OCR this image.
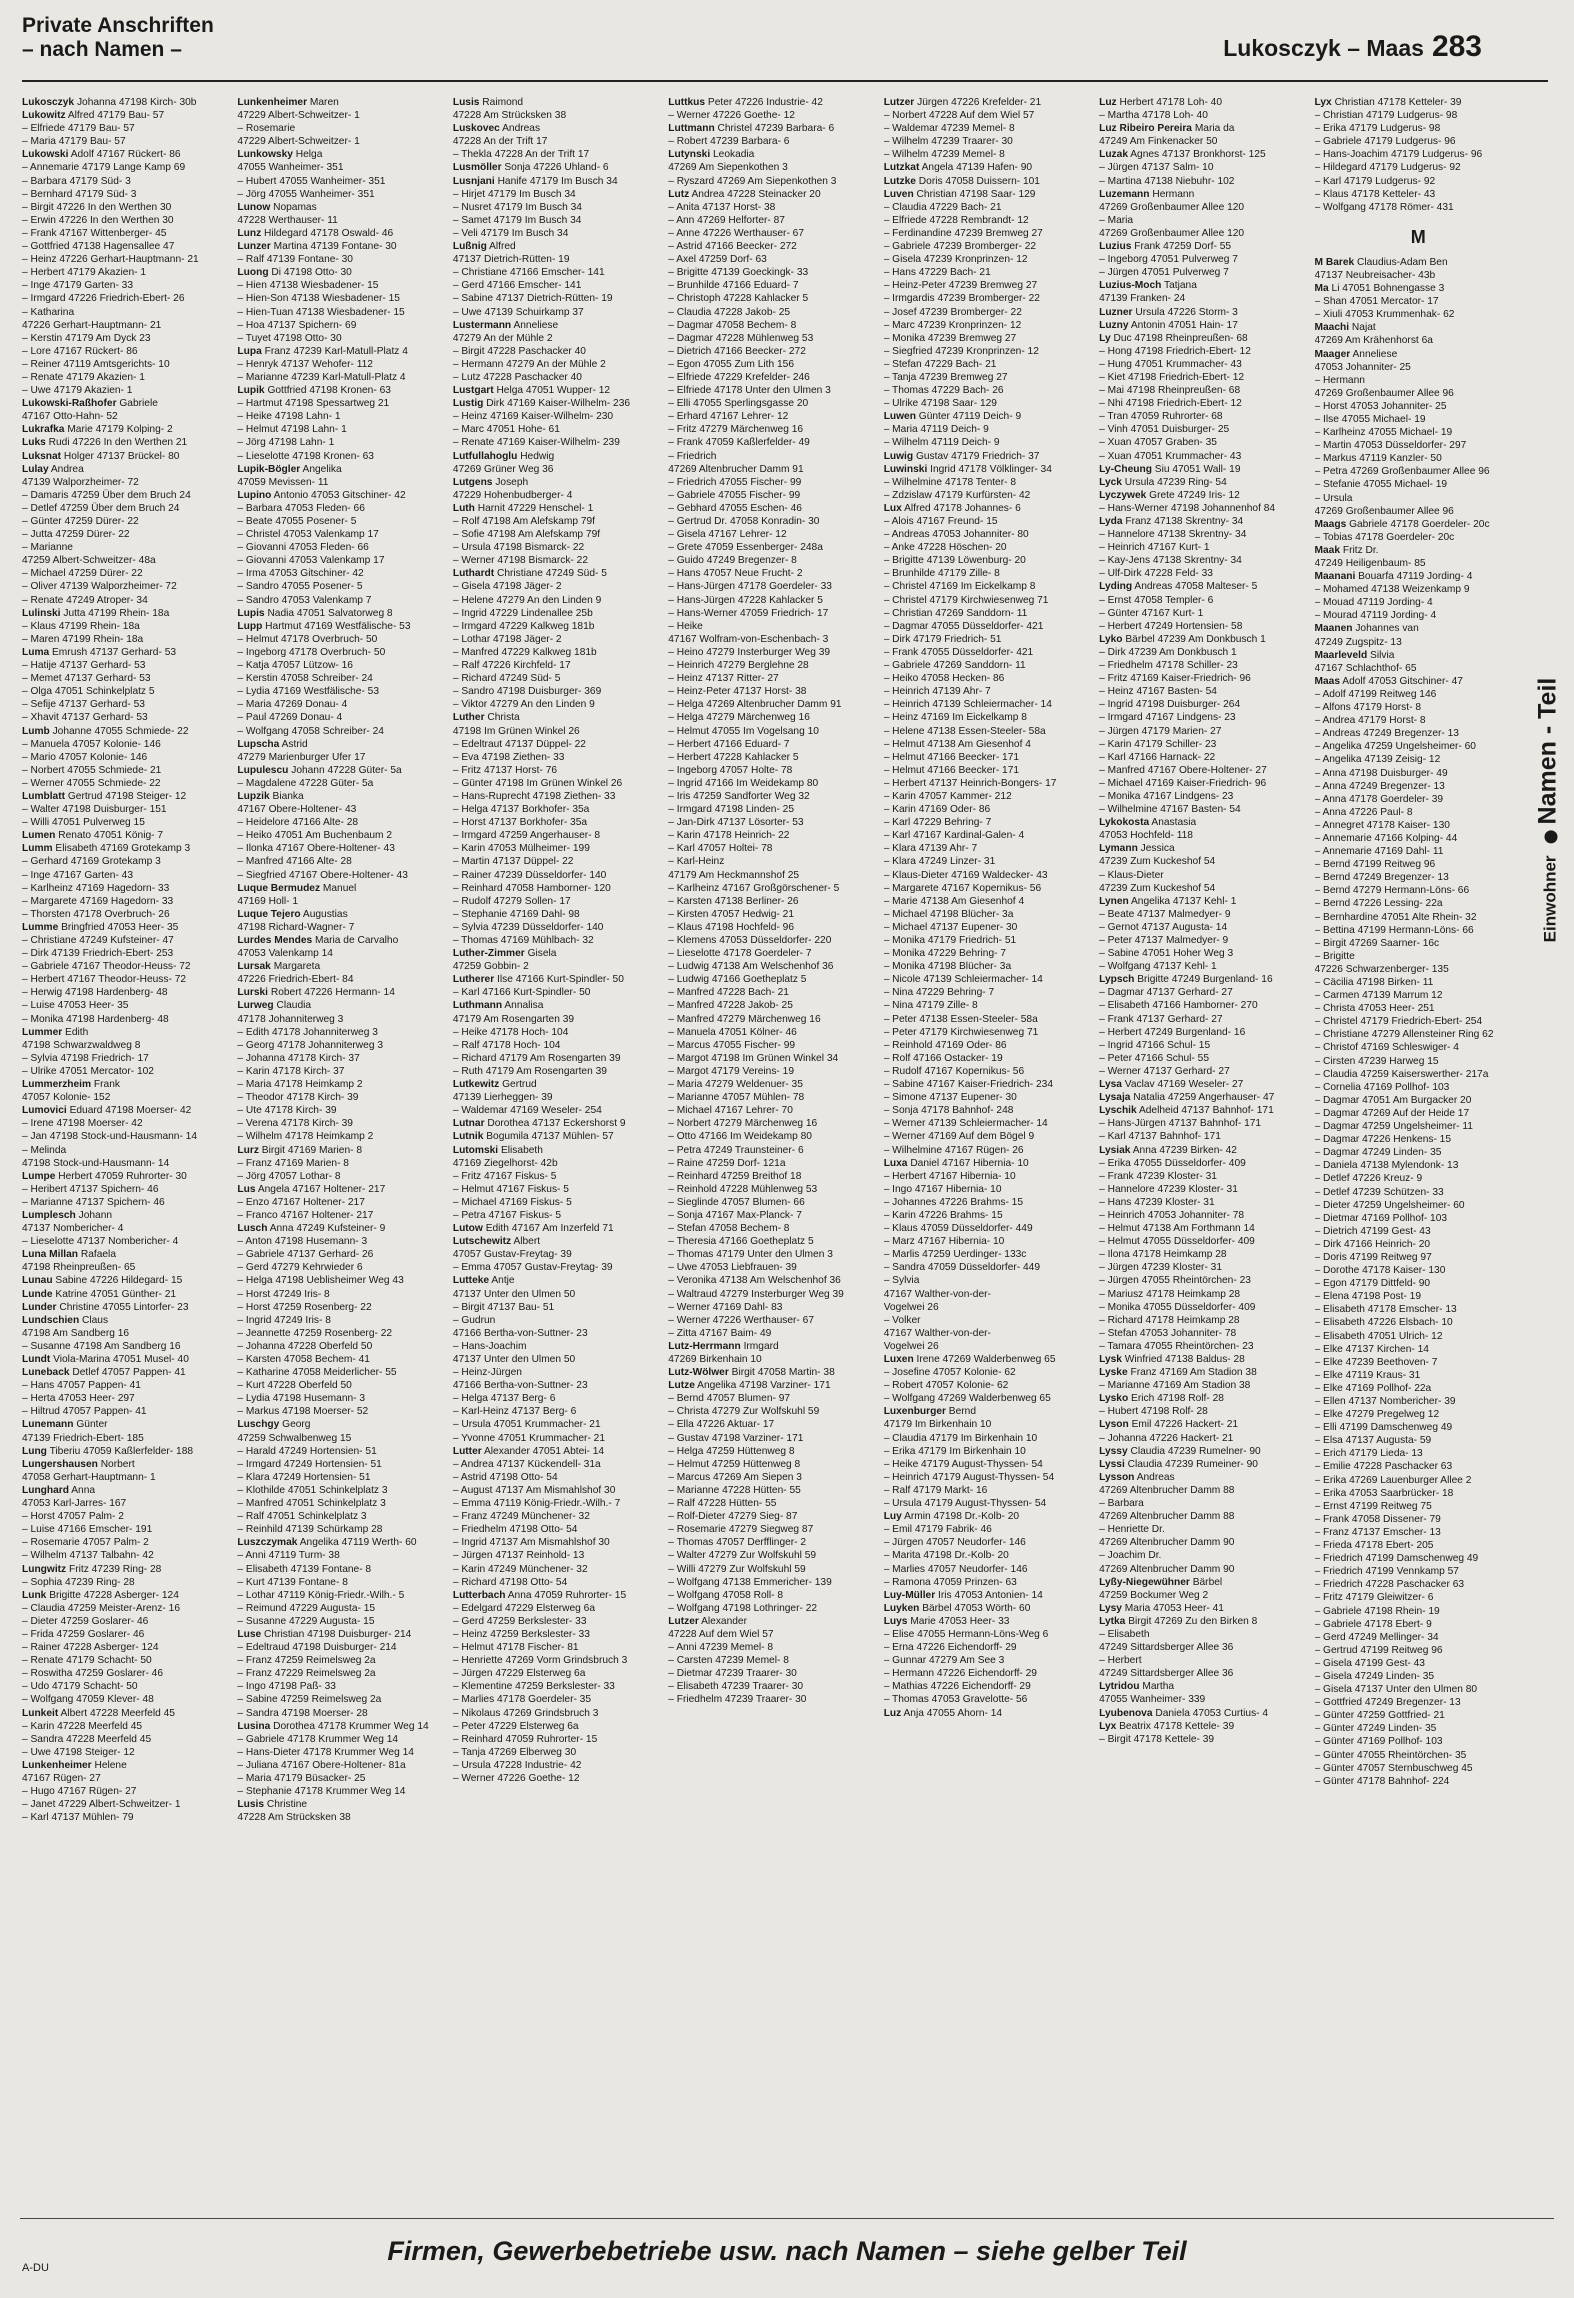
Private Anschriften
– nach Namen –	Lukosczyk – Maas 283
Lukosczyk Johanna 47198 Kirch- 30b
Lukowitz Alfred 47179 Bau- 57
– Elfriede 47179 Bau- 57
– Maria 47179 Bau- 57
Lukowski Adolf 47167 Rückert- 86
– Annemarie 47179 Lange Kamp 69
– Barbara 47179 Süd- 3
– Bernhard 47179 Süd- 3
– Birgit 47226 In den Werthen 30
– Erwin 47226 In den Werthen 30
– Frank 47167 Wittenberger- 45
– Gottfried 47138 Hagensallee 47
– Heinz 47226 Gerhart-Hauptmann- 21
– Herbert 47179 Akazien- 1
– Inge 47179 Garten- 33
– Irmgard 47226 Friedrich-Ebert- 26
– Katharina
47226 Gerhart-Hauptmann- 21
– Kerstin 47179 Am Dyck 23
– Lore 47167 Rückert- 86
– Reiner 47119 Amtsgerichts- 10
– Renate 47179 Akazien- 1
– Uwe 47179 Akazien- 1
Lukowski-Raßhofer Gabriele
47167 Otto-Hahn- 52
Lukrafka Marie 47179 Kolping- 2
Luks Rudi 47226 In den Werthen 21
Luksnat Holger 47137 Brückel- 80
Lulay Andrea
47139 Walporzheimer- 72
– Damaris 47259 Über dem Bruch 24
– Detlef 47259 Über dem Bruch 24
– Günter 47259 Dürer- 22
– Jutta 47259 Dürer- 22
– Marianne
47259 Albert-Schweitzer- 48a
– Michael 47259 Dürer- 22
– Oliver 47139 Walporzheimer- 72
– Renate 47249 Atroper- 34
Lulinski Jutta 47199 Rhein- 18a
– Klaus 47199 Rhein- 18a
– Maren 47199 Rhein- 18a
Luma Emrush 47137 Gerhard- 53
– Hatije 47137 Gerhard- 53
– Memet 47137 Gerhard- 53
– Olga 47051 Schinkelplatz 5
– Sefije 47137 Gerhard- 53
– Xhavit 47137 Gerhard- 53
Lumb Johanne 47055 Schmiede- 22
– Manuela 47057 Kolonie- 146
– Mario 47057 Kolonie- 146
– Norbert 47055 Schmiede- 21
– Werner 47055 Schmiede- 22
Lumblatt Gertrud 47198 Steiger- 12
– Walter 47198 Duisburger- 151
– Willi 47051 Pulverweg 15
Lumen Renato 47051 König- 7
Lumm Elisabeth 47169 Grotekamp 3
– Gerhard 47169 Grotekamp 3
– Inge 47167 Garten- 43
– Karlheinz 47169 Hagedorn- 33
– Margarete 47169 Hagedorn- 33
– Thorsten 47178 Overbruch- 26
Lumme Bringfried 47053 Heer- 35
– Christiane 47249 Kufsteiner- 47
– Dirk 47139 Friedrich-Ebert- 253
– Gabriele 47167 Theodor-Heuss- 72
– Herbert 47167 Theodor-Heuss- 72
– Herwig 47198 Hardenberg- 48
– Luise 47053 Heer- 35
– Monika 47198 Hardenberg- 48
Lummer Edith
47198 Schwarzwaldweg 8
– Sylvia 47198 Friedrich- 17
– Ulrike 47051 Mercator- 102
Lummerzheim Frank
47057 Kolonie- 152
Lumovici Eduard 47198 Moerser- 42
– Irene 47198 Moerser- 42
– Jan 47198 Stock-und-Hausmann- 14
– Melinda
47198 Stock-und-Hausmann- 14
Lumpe Herbert 47059 Ruhrorter- 30
– Heribert 47137 Spichern- 46
– Marianne 47137 Spichern- 46
Lumplesch Johann
47137 Nombericher- 4
– Lieselotte 47137 Nombericher- 4
Luna Millan Rafaela
47198 Rheinpreußen- 65
Lunau Sabine 47226 Hildegard- 15
Lunde Katrine 47051 Günther- 21
Lunder Christine 47055 Lintorfer- 23
Lundschien Claus
47198 Am Sandberg 16
– Susanne 47198 Am Sandberg 16
Lundt Viola-Marina 47051 Musel- 40
Luneback Detlef 47057 Pappen- 41
– Hans 47057 Pappen- 41
– Herta 47053 Heer- 297
– Hiltrud 47057 Pappen- 41
Lunemann Günter
47139 Friedrich-Ebert- 185
Lung Tiberiu 47059 Kaßlerfelder- 188
Lungershausen Norbert
47058 Gerhart-Hauptmann- 1
Lunghard Anna
47053 Karl-Jarres- 167
– Horst 47057 Palm- 2
– Luise 47166 Emscher- 191
– Rosemarie 47057 Palm- 2
– Wilhelm 47137 Talbahn- 42
Lungwitz Fritz 47239 Ring- 28
– Sophia 47239 Ring- 28
Lunk Brigitte 47228 Asberger- 124
– Claudia 47259 Meister-Arenz- 16
– Dieter 47259 Goslarer- 46
– Frida 47259 Goslarer- 46
– Rainer 47228 Asberger- 124
– Renate 47179 Schacht- 50
– Roswitha 47259 Goslarer- 46
– Udo 47179 Schacht- 50
– Wolfgang 47059 Klever- 48
Lunkeit Albert 47228 Meerfeld 45
– Karin 47228 Meerfeld 45
– Sandra 47228 Meerfeld 45
– Uwe 47198 Steiger- 12
Lunkenheimer Helene
47167 Rügen- 27
– Hugo 47167 Rügen- 27
– Janet 47229 Albert-Schweitzer- 1
– Karl 47137 Mühlen- 79
Lunkenheimer Maren
47229 Albert-Schweitzer- 1
– Rosemarie
47229 Albert-Schweitzer- 1
Lunkowsky Helga
47055 Wanheimer- 351
– Hubert 47055 Wanheimer- 351
– Jörg 47055 Wanheimer- 351
Lunow Nopamas
47228 Werthauser- 11
Lunz Hildegard 47178 Oswald- 46
Lunzer Martina 47139 Fontane- 30
– Ralf 47139 Fontane- 30
Luong Di 47198 Otto- 30
– Hien 47138 Wiesbadener- 15
– Hien-Son 47138 Wiesbadener- 15
– Hien-Tuan 47138 Wiesbadener- 15
– Hoa 47137 Spichern- 69
– Tuyet 47198 Otto- 30
Lupa Franz 47239 Karl-Matull-Platz 4
– Henryk 47137 Wehofer- 112
– Marianne 47239 Karl-Matull-Platz 4
Lupik Gottfried 47198 Kronen- 63
– Hartmut 47198 Spessartweg 21
– Heike 47198 Lahn- 1
– Helmut 47198 Lahn- 1
– Jörg 47198 Lahn- 1
– Lieselotte 47198 Kronen- 63
Lupik-Bögler Angelika
47059 Mevissen- 11
Lupino Antonio 47053 Gitschiner- 42
– Barbara 47053 Fleden- 66
– Beate 47055 Posener- 5
– Christel 47053 Valenkamp 17
– Giovanni 47053 Fleden- 66
– Giovanni 47053 Valenkamp 17
– Irma 47053 Gitschiner- 42
– Sandro 47055 Posener- 5
– Sandro 47053 Valenkamp 7
Lupis Nadia 47051 Salvatorweg 8
Lupp Hartmut 47169 Westfälische- 53
– Helmut 47178 Overbruch- 50
– Ingeborg 47178 Overbruch- 50
– Katja 47057 Lützow- 16
– Kerstin 47058 Schreiber- 24
– Lydia 47169 Westfälische- 53
– Maria 47269 Donau- 4
– Paul 47269 Donau- 4
– Wolfgang 47058 Schreiber- 24
Lupscha Astrid
47279 Marienburger Ufer 17
Lupulescu Johann 47228 Güter- 5a
– Magdalene 47228 Güter- 5a
Lupzik Bianka
47167 Obere-Holtener- 43
– Heidelore 47166 Alte- 28
– Heiko 47051 Am Buchenbaum 2
– Ilonka 47167 Obere-Holtener- 43
– Manfred 47166 Alte- 28
– Siegfried 47167 Obere-Holtener- 43
Luque Bermudez Manuel
47169 Holl- 1
Luque Tejero Augustias
47198 Richard-Wagner- 7
Lurdes Mendes Maria de Carvalho
47053 Valenkamp 14
Lursak Margareta
47226 Friedrich-Ebert- 84
Lurski Robert 47226 Hermann- 14
Lurweg Claudia
47178 Johanniterweg 3
– Edith 47178 Johanniterweg 3
– Georg 47178 Johanniterweg 3
– Johanna 47178 Kirch- 37
– Karin 47178 Kirch- 37
– Maria 47178 Heimkamp 2
– Theodor 47178 Kirch- 39
– Ute 47178 Kirch- 39
– Verena 47178 Kirch- 39
– Wilhelm 47178 Heimkamp 2
Lurz Birgit 47169 Marien- 8
– Franz 47169 Marien- 8
– Jörg 47057 Lothar- 8
Lus Angela 47167 Holtener- 217
– Enzo 47167 Holtener- 217
– Franco 47167 Holtener- 217
Lusch Anna 47249 Kufsteiner- 9
– Anton 47198 Husemann- 3
– Gabriele 47137 Gerhard- 26
– Gerd 47279 Kehrwieder 6
– Helga 47198 Ueblisheimer Weg 43
– Horst 47249 Iris- 8
– Horst 47259 Rosenberg- 22
– Ingrid 47249 Iris- 8
– Jeannette 47259 Rosenberg- 22
– Johanna 47228 Oberfeld 50
– Karsten 47058 Bechem- 41
– Katharine 47058 Meiderlicher- 55
– Kurt 47228 Oberfeld 50
– Lydia 47198 Husemann- 3
– Markus 47198 Moerser- 52
Luschgy Georg
47259 Schwalbenweg 15
– Harald 47249 Hortensien- 51
– Irmgard 47249 Hortensien- 51
– Klara 47249 Hortensien- 51
– Klothilde 47051 Schinkelplatz 3
– Manfred 47051 Schinkelplatz 3
– Ralf 47051 Schinkelplatz 3
– Reinhild 47139 Schürkamp 28
Luszczymak Angelika 47119 Werth- 60
– Anni 47119 Turm- 38
– Elisabeth 47139 Fontane- 8
– Kurt 47139 Fontane- 8
– Lothar 47119 König-Friedr.-Wilh.- 5
– Reimund 47229 Augusta- 15
– Susanne 47229 Augusta- 15
Luse Christian 47198 Duisburger- 214
– Edeltraud 47198 Duisburger- 214
– Franz 47259 Reimelsweg 2a
– Franz 47229 Reimelsweg 2a
– Ingo 47198 Paß- 33
– Sabine 47259 Reimelsweg 2a
– Sandra 47198 Moerser- 28
Lusina Dorothea 47178 Krummer Weg 14
– Gabriele 47178 Krummer Weg 14
– Hans-Dieter 47178 Krummer Weg 14
– Juliana 47167 Obere-Holtener- 81a
– Maria 47179 Büsacker- 25
– Stephanie 47178 Krummer Weg 14
Lusis Christine
47228 Am Strücksken 38
Lusis Raimond
47228 Am Strücksken 38
Luskovec Andreas
47228 An der Trift 17
– Thekla 47228 An der Trift 17
Lusmöller Sonja 47226 Uhland- 6
Lusnjani Hanife 47179 Im Busch 34
– Hirjet 47179 Im Busch 34
– Nusret 47179 Im Busch 34
– Samet 47179 Im Busch 34
– Veli 47179 Im Busch 34
Lußnig Alfred
47137 Dietrich-Rütten- 19
– Christiane 47166 Emscher- 141
– Gerd 47166 Emscher- 141
– Sabine 47137 Dietrich-Rütten- 19
– Uwe 47139 Schuirkamp 37
Lustermann Anneliese
47279 An der Mühle 2
– Birgit 47228 Paschacker 40
– Hermann 47279 An der Mühle 2
– Lutz 47228 Paschacker 40
Lustgart Helga 47051 Wupper- 12
Lustig Dirk 47169 Kaiser-Wilhelm- 236
– Heinz 47169 Kaiser-Wilhelm- 230
– Marc 47051 Hohe- 61
– Renate 47169 Kaiser-Wilhelm- 239
Lutfullahoglu Hedwig
47269 Grüner Weg 36
Lutgens Joseph
47229 Hohenbudberger- 4
Luth Harnit 47229 Henschel- 1
– Rolf 47198 Am Alefskamp 79f
– Sofie 47198 Am Alefskamp 79f
– Ursula 47198 Bismarck- 22
– Werner 47198 Bismarck- 22
Luthardt Christiane 47249 Süd- 5
– Gisela 47198 Jäger- 2
– Helene 47279 An den Linden 9
– Ingrid 47229 Lindenallee 25b
– Irmgard 47229 Kalkweg 181b
– Lothar 47198 Jäger- 2
– Manfred 47229 Kalkweg 181b
– Ralf 47226 Kirchfeld- 17
– Richard 47249 Süd- 5
– Sandro 47198 Duisburger- 369
– Viktor 47279 An den Linden 9
Luther Christa
47198 Im Grünen Winkel 26
– Edeltraut 47137 Düppel- 22
– Eva 47198 Ziethen- 33
– Fritz 47137 Horst- 76
– Günter 47198 Im Grünen Winkel 26
– Hans-Ruprecht 47198 Ziethen- 33
– Helga 47137 Borkhofer- 35a
– Horst 47137 Borkhofer- 35a
– Irmgard 47259 Angerhauser- 8
– Karin 47053 Mülheimer- 199
– Martin 47137 Düppel- 22
– Rainer 47239 Düsseldorfer- 140
– Reinhard 47058 Hamborner- 120
– Rudolf 47279 Sollen- 17
– Stephanie 47169 Dahl- 98
– Sylvia 47239 Düsseldorfer- 140
– Thomas 47169 Mühlbach- 32
Luther-Zimmer Gisela
47259 Gobbin- 2
Lutherer Ilse 47166 Kurt-Spindler- 50
– Karl 47166 Kurt-Spindler- 50
Luthmann Annalisa
47179 Am Rosengarten 39
– Heike 47178 Hoch- 104
– Ralf 47178 Hoch- 104
– Richard 47179 Am Rosengarten 39
– Ruth 47179 Am Rosengarten 39
Lutkewitz Gertrud
47139 Lierheggen- 39
– Waldemar 47169 Weseler- 254
Lutnar Dorothea 47137 Eckershorst 9
Lutnik Bogumila 47137 Mühlen- 57
Lutomski Elisabeth
47169 Ziegelhorst- 42b
– Fritz 47167 Fiskus- 5
– Helmut 47167 Fiskus- 5
– Michael 47169 Fiskus- 5
– Petra 47167 Fiskus- 5
Lutow Edith 47167 Am Inzerfeld 71
Lutschewitz Albert
47057 Gustav-Freytag- 39
– Emma 47057 Gustav-Freytag- 39
Lutteke Antje
47137 Unter den Ulmen 50
– Birgit 47137 Bau- 51
– Gudrun
47166 Bertha-von-Suttner- 23
– Hans-Joachim
47137 Unter den Ulmen 50
– Heinz-Jürgen
47166 Bertha-von-Suttner- 23
– Helga 47137 Berg- 6
– Karl-Heinz 47137 Berg- 6
– Ursula 47051 Krummacher- 21
– Yvonne 47051 Krummacher- 21
Lutter Alexander 47051 Abtei- 14
– Andrea 47137 Kückendell- 31a
– Astrid 47198 Otto- 54
– August 47137 Am Mismahlshof 30
– Emma 47119 König-Friedr.-Wilh.- 7
– Franz 47249 Münchener- 32
– Friedhelm 47198 Otto- 54
– Ingrid 47137 Am Mismahlshof 30
– Jürgen 47137 Reinhold- 13
– Karin 47249 Münchener- 32
– Richard 47198 Otto- 54
Lutterbach Anna 47059 Ruhrorter- 15
– Edelgard 47229 Elsterweg 6a
– Gerd 47259 Berkslester- 33
– Heinz 47259 Berkslester- 33
– Helmut 47178 Fischer- 81
– Henriette 47269 Vorm Grindsbruch 3
– Jürgen 47229 Elsterweg 6a
– Klementine 47259 Berkslester- 33
– Marlies 47178 Goerdeler- 35
– Nikolaus 47269 Grindsbruch 3
– Peter 47229 Elsterweg 6a
– Reinhard 47059 Ruhrorter- 15
– Tanja 47269 Elberweg 30
– Ursula 47228 Industrie- 42
– Werner 47226 Goethe- 12
Luttkus Peter 47226 Industrie- 42
– Werner 47226 Goethe- 12
Luttmann Christel 47239 Barbara- 6
– Robert 47239 Barbara- 6
Lutynski Leokadia
47269 Am Siepenkothen 3
– Ryszard 47269 Am Siepenkothen 3
Lutz Andrea 47228 Steinacker 20
– Anita 47137 Horst- 38
– Ann 47269 Helforter- 87
– Anne 47226 Werthauser- 67
– Astrid 47166 Beecker- 272
– Axel 47259 Dorf- 63
– Brigitte 47139 Goeckingk- 33
– Brunhilde 47166 Eduard- 7
– Christoph 47228 Kahlacker 5
– Claudia 47228 Jakob- 25
– Dagmar 47058 Bechem- 8
– Dagmar 47228 Mühlenweg 53
– Dietrich 47166 Beecker- 272
– Egon 47055 Zum Lith 156
– Elfriede 47229 Krefelder- 246
– Elfriede 47178 Unter den Ulmen 3
– Elli 47055 Sperlingsgasse 20
– Erhard 47167 Lehrer- 12
– Fritz 47279 Märchenweg 16
– Frank 47059 Kaßlerfelder- 49
– Friedrich
47269 Altenbrucher Damm 91
– Friedrich 47055 Fischer- 99
– Gabriele 47055 Fischer- 99
– Gebhard 47055 Eschen- 46
– Gertrud Dr. 47058 Konradin- 30
– Gisela 47167 Lehrer- 12
– Grete 47059 Essenberger- 248a
– Guido 47249 Bregenzer- 8
– Hans 47057 Neue Frucht- 2
– Hans-Jürgen 47178 Goerdeler- 33
– Hans-Jürgen 47228 Kahlacker 5
– Hans-Werner 47059 Friedrich- 17
– Heike
47167 Wolfram-von-Eschenbach- 3
– Heino 47279 Insterburger Weg 39
– Heinrich 47279 Berglehne 28
– Heinz 47137 Ritter- 27
– Heinz-Peter 47137 Horst- 38
– Helga 47269 Altenbrucher Damm 91
– Helga 47279 Märchenweg 16
– Helmut 47055 Im Vogelsang 10
– Herbert 47166 Eduard- 7
– Herbert 47228 Kahlacker 5
– Ingeborg 47057 Holte- 78
– Ingrid 47166 Im Weidekamp 80
– Iris 47259 Sandforter Weg 32
– Irmgard 47198 Linden- 25
– Jan-Dirk 47137 Lösorter- 53
– Karin 47178 Heinrich- 22
– Karl 47057 Holtei- 78
– Karl-Heinz
47179 Am Heckmannshof 25
– Karlheinz 47167 Großgörschener- 5
– Karsten 47138 Berliner- 26
– Kirsten 47057 Hedwig- 21
– Klaus 47198 Hochfeld- 96
– Klemens 47053 Düsseldorfer- 220
– Lieselotte 47178 Goerdeler- 7
– Ludwig 47138 Am Welschenhof 36
– Ludwig 47166 Goetheplatz 5
– Manfred 47228 Bach- 21
– Manfred 47228 Jakob- 25
– Manfred 47279 Märchenweg 16
– Manuela 47051 Kölner- 46
– Marcus 47055 Fischer- 99
– Margot 47198 Im Grünen Winkel 34
– Margot 47179 Vereins- 19
– Maria 47279 Weldenuer- 35
– Marianne 47057 Mühlen- 78
– Michael 47167 Lehrer- 70
– Norbert 47279 Märchenweg 16
– Otto 47166 Im Weidekamp 80
– Petra 47249 Traunsteiner- 6
– Raine 47259 Dorf- 121a
– Reinhard 47259 Breithof 18
– Reinhold 47228 Mühlenweg 53
– Sieglinde 47057 Blumen- 66
– Sonja 47167 Max-Planck- 7
– Stefan 47058 Bechem- 8
– Theresia 47166 Goetheplatz 5
– Thomas 47179 Unter den Ulmen 3
– Uwe 47053 Liebfrauen- 39
– Veronika 47138 Am Welschenhof 36
– Waltraud 47279 Insterburger Weg 39
– Werner 47169 Dahl- 83
– Werner 47226 Werthauser- 67
– Zitta 47167 Baim- 49
Lutz-Herrmann Irmgard
47269 Birkenhain 10
Lutz-Wölwer Birgit 47058 Martin- 38
Lutze Angelika 47198 Varziner- 171
– Bernd 47057 Blumen- 97
– Christa 47279 Zur Wolfskuhl 59
– Ella 47226 Aktuar- 17
– Gustav 47198 Varziner- 171
– Helga 47259 Hüttenweg 8
– Helmut 47259 Hüttenweg 8
– Marcus 47269 Am Siepen 3
– Marianne 47228 Hütten- 55
– Ralf 47228 Hütten- 55
– Rolf-Dieter 47279 Sieg- 87
– Rosemarie 47279 Siegweg 87
– Thomas 47057 Derfflinger- 2
– Walter 47279 Zur Wolfskuhl 59
– Willi 47279 Zur Wolfskuhl 59
– Wolfgang 47138 Emmericher- 139
– Wolfgang 47058 Roll- 8
– Wolfgang 47198 Lothringer- 22
Lutzer Alexander
47228 Auf dem Wiel 57
– Anni 47239 Memel- 8
– Carsten 47239 Memel- 8
– Dietmar 47239 Traarer- 30
– Elisabeth 47239 Traarer- 30
– Friedhelm 47239 Traarer- 30
Lutzer Jürgen 47226 Krefelder- 21
– Norbert 47228 Auf dem Wiel 57
– Waldemar 47239 Memel- 8
– Wilhelm 47239 Traarer- 30
– Wilhelm 47239 Memel- 8
Lutzkat Angela 47139 Hafen- 90
Lutzke Doris 47058 Duissern- 101
Luven Christian 47198 Saar- 129
– Claudia 47229 Bach- 21
– Elfriede 47228 Rembrandt- 12
– Ferdinandine 47239 Bremweg 27
– Gabriele 47239 Bromberger- 22
– Gisela 47239 Kronprinzen- 12
– Hans 47229 Bach- 21
– Heinz-Peter 47239 Bremweg 27
– Irmgardis 47239 Bromberger- 22
– Josef 47239 Bromberger- 22
– Marc 47239 Kronprinzen- 12
– Monika 47239 Bremweg 27
– Siegfried 47239 Kronprinzen- 12
– Stefan 47229 Bach- 21
– Tanja 47239 Bremweg 27
– Thomas 47229 Bach- 26
– Ulrike 47198 Saar- 129
Luwen Günter 47119 Deich- 9
– Maria 47119 Deich- 9
– Wilhelm 47119 Deich- 9
Luwig Gustav 47179 Friedrich- 37
Luwinski Ingrid 47178 Völklinger- 34
– Wilhelmine 47178 Tenter- 8
– Zdzislaw 47179 Kurfürsten- 42
Lux Alfred 47178 Johannes- 6
– Alois 47167 Freund- 15
– Andreas 47053 Johanniter- 80
– Anke 47228 Höschen- 20
– Brigitte 47139 Löwenburg- 20
– Brunhilde 47179 Zille- 8
– Christel 47169 Im Eickelkamp 8
– Christel 47179 Kirchwiesenweg 71
– Christian 47269 Sanddorn- 11
– Dagmar 47055 Düsseldorfer- 421
– Dirk 47179 Friedrich- 51
– Frank 47055 Düsseldorfer- 421
– Gabriele 47269 Sanddorn- 11
– Heiko 47058 Hecken- 86
– Heinrich 47139 Ahr- 7
– Heinrich 47139 Schleiermacher- 14
– Heinz 47169 Im Eickelkamp 8
– Helene 47138 Essen-Steeler- 58a
– Helmut 47138 Am Giesenhof 4
– Helmut 47166 Beecker- 171
– Helmut 47166 Beecker- 171
– Herbert 47137 Heinrich-Bongers- 17
– Karin 47057 Kammer- 212
– Karin 47169 Oder- 86
– Karl 47229 Behring- 7
– Karl 47167 Kardinal-Galen- 4
– Klara 47139 Ahr- 7
– Klara 47249 Linzer- 31
– Klaus-Dieter 47169 Waldecker- 43
– Margarete 47167 Kopernikus- 56
– Marie 47138 Am Giesenhof 4
– Michael 47198 Blücher- 3a
– Michael 47137 Eupener- 30
– Monika 47179 Friedrich- 51
– Monika 47229 Behring- 7
– Monika 47198 Blücher- 3a
– Nicole 47139 Schleiermacher- 14
– Nina 47229 Behring- 7
– Nina 47179 Zille- 8
– Peter 47138 Essen-Steeler- 58a
– Peter 47179 Kirchwiesenweg 71
– Reinhold 47169 Oder- 86
– Rolf 47166 Ostacker- 19
– Rudolf 47167 Kopernikus- 56
– Sabine 47167 Kaiser-Friedrich- 234
– Simone 47137 Eupener- 30
– Sonja 47178 Bahnhof- 248
– Werner 47139 Schleiermacher- 14
– Werner 47169 Auf dem Bögel 9
– Wilhelmine 47167 Rügen- 26
Luxa Daniel 47167 Hibernia- 10
– Herbert 47167 Hibernia- 10
– Ingo 47167 Hibernia- 10
– Johannes 47226 Brahms- 15
– Karin 47226 Brahms- 15
– Klaus 47059 Düsseldorfer- 449
– Marz 47167 Hibernia- 10
– Marlis 47259 Uerdinger- 133c
– Sandra 47059 Düsseldorfer- 449
– Sylvia
47167 Walther-von-der-
Vogelwei 26
– Volker
47167 Walther-von-der-
Vogelwei 26
Luxen Irene 47269 Walderbenweg 65
– Josefine 47057 Kolonie- 62
– Robert 47057 Kolonie- 62
– Wolfgang 47269 Walderbenweg 65
Luxenburger Bernd
47179 Im Birkenhain 10
– Claudia 47179 Im Birkenhain 10
– Erika 47179 Im Birkenhain 10
– Heike 47179 August-Thyssen- 54
– Heinrich 47179 August-Thyssen- 54
– Ralf 47179 Markt- 16
– Ursula 47179 August-Thyssen- 54
Luy Armin 47198 Dr.-Kolb- 20
– Emil 47179 Fabrik- 46
– Jürgen 47057 Neudorfer- 146
– Marita 47198 Dr.-Kolb- 20
– Marlies 47057 Neudorfer- 146
– Ramona 47059 Prinzen- 63
Luy-Müller Iris 47053 Antonien- 14
Luyken Bärbel 47053 Wörth- 60
Luys Marie 47053 Heer- 33
– Elise 47055 Hermann-Löns-Weg 6
– Erna 47226 Eichendorff- 29
– Gunnar 47279 Am See 3
– Hermann 47226 Eichendorff- 29
– Mathias 47226 Eichendorff- 29
– Thomas 47053 Gravelotte- 56
Luz Anja 47055 Ahorn- 14
Luz Herbert 47178 Loh- 40
– Martha 47178 Loh- 40
Luz Ribeiro Pereira Maria da
47249 Am Finkenacker 50
Luzak Agnes 47137 Bronkhorst- 125
– Jürgen 47137 Salm- 10
– Martina 47138 Niebuhr- 102
Luzemann Hermann
47269 Großenbaumer Allee 120
– Maria
47269 Großenbaumer Allee 120
Luzius Frank 47259 Dorf- 55
– Ingeborg 47051 Pulverweg 7
– Jürgen 47051 Pulverweg 7
Luzius-Moch Tatjana
47139 Franken- 24
Luzner Ursula 47226 Storm- 3
Luzny Antonin 47051 Hain- 17
Ly Duc 47198 Rheinpreußen- 68
– Hong 47198 Friedrich-Ebert- 12
– Hung 47051 Krummacher- 43
– Kiet 47198 Friedrich-Ebert- 12
– Mai 47198 Rheinpreußen- 68
– Nhi 47198 Friedrich-Ebert- 12
– Tran 47059 Ruhrorter- 68
– Vinh 47051 Duisburger- 25
– Xuan 47057 Graben- 35
– Xuan 47051 Krummacher- 43
Ly-Cheung Siu 47051 Wall- 19
Lyck Ursula 47239 Ring- 54
Lyczywek Grete 47249 Iris- 12
– Hans-Werner 47198 Johannenhof 84
Lyda Franz 47138 Skrentny- 34
– Hannelore 47138 Skrentny- 34
– Heinrich 47167 Kurt- 1
– Kay-Jens 47138 Skrentny- 34
– Ulf-Dirk 47228 Feld- 33
Lyding Andreas 47058 Malteser- 5
– Ernst 47058 Templer- 6
– Günter 47167 Kurt- 1
– Herbert 47249 Hortensien- 58
Lyko Bärbel 47239 Am Donkbusch 1
– Dirk 47239 Am Donkbusch 1
– Friedhelm 47178 Schiller- 23
– Fritz 47169 Kaiser-Friedrich- 96
– Heinz 47167 Basten- 54
– Ingrid 47198 Duisburger- 264
– Irmgard 47167 Lindgens- 23
– Jürgen 47179 Marien- 27
– Karin 47179 Schiller- 23
– Karl 47166 Harnack- 22
– Manfred 47167 Obere-Holtener- 27
– Michael 47169 Kaiser-Friedrich- 96
– Monika 47167 Lindgens- 23
– Wilhelmine 47167 Basten- 54
Lykokosta Anastasia
47053 Hochfeld- 118
Lymann Jessica
47239 Zum Kuckeshof 54
– Klaus-Dieter
47239 Zum Kuckeshof 54
Lynen Angelika 47137 Kehl- 1
– Beate 47137 Malmedyer- 9
– Gernot 47137 Augusta- 14
– Peter 47137 Malmedyer- 9
– Sabine 47051 Hoher Weg 3
– Wolfgang 47137 Kehl- 1
Lypsch Brigitte 47249 Burgenland- 16
– Dagmar 47137 Gerhard- 27
– Elisabeth 47166 Hamborner- 270
– Frank 47137 Gerhard- 27
– Herbert 47249 Burgenland- 16
– Ingrid 47166 Schul- 15
– Peter 47166 Schul- 55
– Werner 47137 Gerhard- 27
Lysa Vaclav 47169 Weseler- 27
Lysaja Natalia 47259 Angerhauser- 47
Lyschik Adelheid 47137 Bahnhof- 171
– Hans-Jürgen 47137 Bahnhof- 171
– Karl 47137 Bahnhof- 171
Lysiak Anna 47239 Birken- 42
– Erika 47055 Düsseldorfer- 409
– Frank 47239 Kloster- 31
– Hannelore 47239 Kloster- 31
– Hans 47239 Kloster- 31
– Heinrich 47053 Johanniter- 78
– Helmut 47138 Am Forthmann 14
– Helmut 47055 Düsseldorfer- 409
– Ilona 47178 Heimkamp 28
– Jürgen 47239 Kloster- 31
– Jürgen 47055 Rheintörchen- 23
– Mariusz 47178 Heimkamp 28
– Monika 47055 Düsseldorfer- 409
– Richard 47178 Heimkamp 28
– Stefan 47053 Johanniter- 78
– Tamara 47055 Rheintörchen- 23
Lysk Winfried 47138 Baldus- 28
Lyske Franz 47169 Am Stadion 38
– Marianne 47169 Am Stadion 38
Lysko Erich 47198 Rolf- 28
– Hubert 47198 Rolf- 28
Lyson Emil 47226 Hackert- 21
– Johanna 47226 Hackert- 21
Lyssy Claudia 47239 Rumelner- 90
Lyssi Claudia 47239 Rumeiner- 90
Lysson Andreas
47269 Altenbrucher Damm 88
– Barbara
47269 Altenbrucher Damm 88
– Henriette Dr.
47269 Altenbrucher Damm 90
– Joachim Dr.
47269 Altenbrucher Damm 90
Lyßy-Niegewühner Bärbel
47259 Bockumer Weg 2
Lysy Maria 47053 Heer- 41
Lytka Birgit 47269 Zu den Birken 8
– Elisabeth
47249 Sittardsberger Allee 36
– Herbert
47249 Sittardsberger Allee 36
Lytridou Martha
47055 Wanheimer- 339
Lyubenova Daniela 47053 Curtius- 4
Lyx Beatrix 47178 Kettele- 39
– Birgit 47178 Kettele- 39
Lyx Christian 47178 Ketteler- 39
– Christian 47179 Ludgerus- 98
– Erika 47179 Ludgerus- 98
– Gabriele 47179 Ludgerus- 96
– Hans-Joachim 47179 Ludgerus- 96
– Hildegard 47179 Ludgerus- 92
– Karl 47179 Ludgerus- 92
– Klaus 47178 Ketteler- 43
– Wolfgang 47178 Römer- 431
M
M Barek Claudius-Adam Ben
47137 Neubreisacher- 43b
Ma Li 47051 Bohnengasse 3
– Shan 47051 Mercator- 17
– Xiuli 47053 Krummenhak- 62
Maachi Najat
47269 Am Krähenhorst 6a
Maager Anneliese
47053 Johanniter- 25
– Hermann
47269 Großenbaumer Allee 96
– Horst 47053 Johanniter- 25
– Ilse 47055 Michael- 19
– Karlheinz 47055 Michael- 19
– Martin 47053 Düsseldorfer- 297
– Markus 47119 Kanzler- 50
– Petra 47269 Großenbaumer Allee 96
– Stefanie 47055 Michael- 19
– Ursula
47269 Großenbaumer Allee 96
Maags Gabriele 47178 Goerdeler- 20c
– Tobias 47178 Goerdeler- 20c
Maak Fritz Dr.
47249 Heiligenbaum- 85
Maanani Bouarfa 47119 Jording- 4
– Mohamed 47138 Weizenkamp 9
– Mouad 47119 Jording- 4
– Mourad 47119 Jording- 4
Maanen Johannes van
47249 Zugspitz- 13
Maarleveld Silvia
47167 Schlachthof- 65
Maas Adolf 47053 Gitschiner- 47
– Adolf 47199 Reitweg 146
– Alfons 47179 Horst- 8
– Andrea 47179 Horst- 8
– Andreas 47249 Bregenzer- 13
– Angelika 47259 Ungelsheimer- 60
– Angelika 47139 Zeisig- 12
– Anna 47198 Duisburger- 49
– Anna 47249 Bregenzer- 13
– Anna 47178 Goerdeler- 39
– Anna 47226 Paul- 8
– Annegret 47178 Kaiser- 130
– Annemarie 47166 Kolping- 44
– Annemarie 47169 Dahl- 11
– Bernd 47199 Reitweg 96
– Bernd 47249 Bregenzer- 13
– Bernd 47279 Hermann-Löns- 66
– Bernd 47226 Lessing- 22a
– Bernhardine 47051 Alte Rhein- 32
– Bettina 47199 Hermann-Löns- 66
– Birgit 47269 Saarner- 16c
– Brigitte
47226 Schwarzenberger- 135
– Cäcilia 47198 Birken- 11
– Carmen 47139 Marrum 12
– Christa 47053 Heer- 251
– Christel 47179 Friedrich-Ebert- 254
– Christiane 47279 Allensteiner Ring 62
– Christof 47169 Schleswiger- 4
– Cirsten 47239 Harweg 15
– Claudia 47259 Kaiserswerther- 217a
– Cornelia 47169 Pollhof- 103
– Dagmar 47051 Am Burgacker 20
– Dagmar 47269 Auf der Heide 17
– Dagmar 47259 Ungelsheimer- 11
– Dagmar 47226 Henkens- 15
– Dagmar 47249 Linden- 35
– Daniela 47138 Mylendonk- 13
– Detlef 47226 Kreuz- 9
– Detlef 47239 Schützen- 33
– Dieter 47259 Ungelsheimer- 60
– Dietmar 47169 Pollhof- 103
– Dietrich 47199 Gest- 43
– Dirk 47166 Heinrich- 20
– Doris 47199 Reitweg 97
– Dorothe 47178 Kaiser- 130
– Egon 47179 Dittfeld- 90
– Elena 47198 Post- 19
– Elisabeth 47178 Emscher- 13
– Elisabeth 47226 Elsbach- 10
– Elisabeth 47051 Ulrich- 12
– Elke 47137 Kirchen- 14
– Elke 47239 Beethoven- 7
– Elke 47119 Kraus- 31
– Elke 47169 Pollhof- 22a
– Ellen 47137 Nombericher- 39
– Elke 47279 Pregelweg 12
– Elli 47199 Damschenweg 49
– Elsa 47137 Augusta- 59
– Erich 47179 Lieda- 13
– Emilie 47228 Paschacker 63
– Erika 47269 Lauenburger Allee 2
– Erika 47053 Saarbrücker- 18
– Ernst 47199 Reitweg 75
– Frank 47058 Dissener- 79
– Franz 47137 Emscher- 13
– Frieda 47178 Ebert- 205
– Friedrich 47199 Damschenweg 49
– Friedrich 47199 Vennkamp 57
– Friedrich 47228 Paschacker 63
– Fritz 47179 Gleiwitzer- 6
– Gabriele 47198 Rhein- 19
– Gabriele 47178 Ebert- 9
– Gerd 47249 Mellinger- 34
– Gertrud 47199 Reitweg 96
– Gisela 47199 Gest- 43
– Gisela 47249 Linden- 35
– Gisela 47137 Unter den Ulmen 80
– Gottfried 47249 Bregenzer- 13
– Günter 47259 Gottfried- 21
– Günter 47249 Linden- 35
– Günter 47169 Pollhof- 103
– Günter 47055 Rheintörchen- 35
– Günter 47057 Sternbuschweg 45
– Günter 47178 Bahnhof- 224
EinwohnerNamen - Teil
Firmen, Gewerbebetriebe usw. nach Namen – siehe gelber Teil
A-DU
